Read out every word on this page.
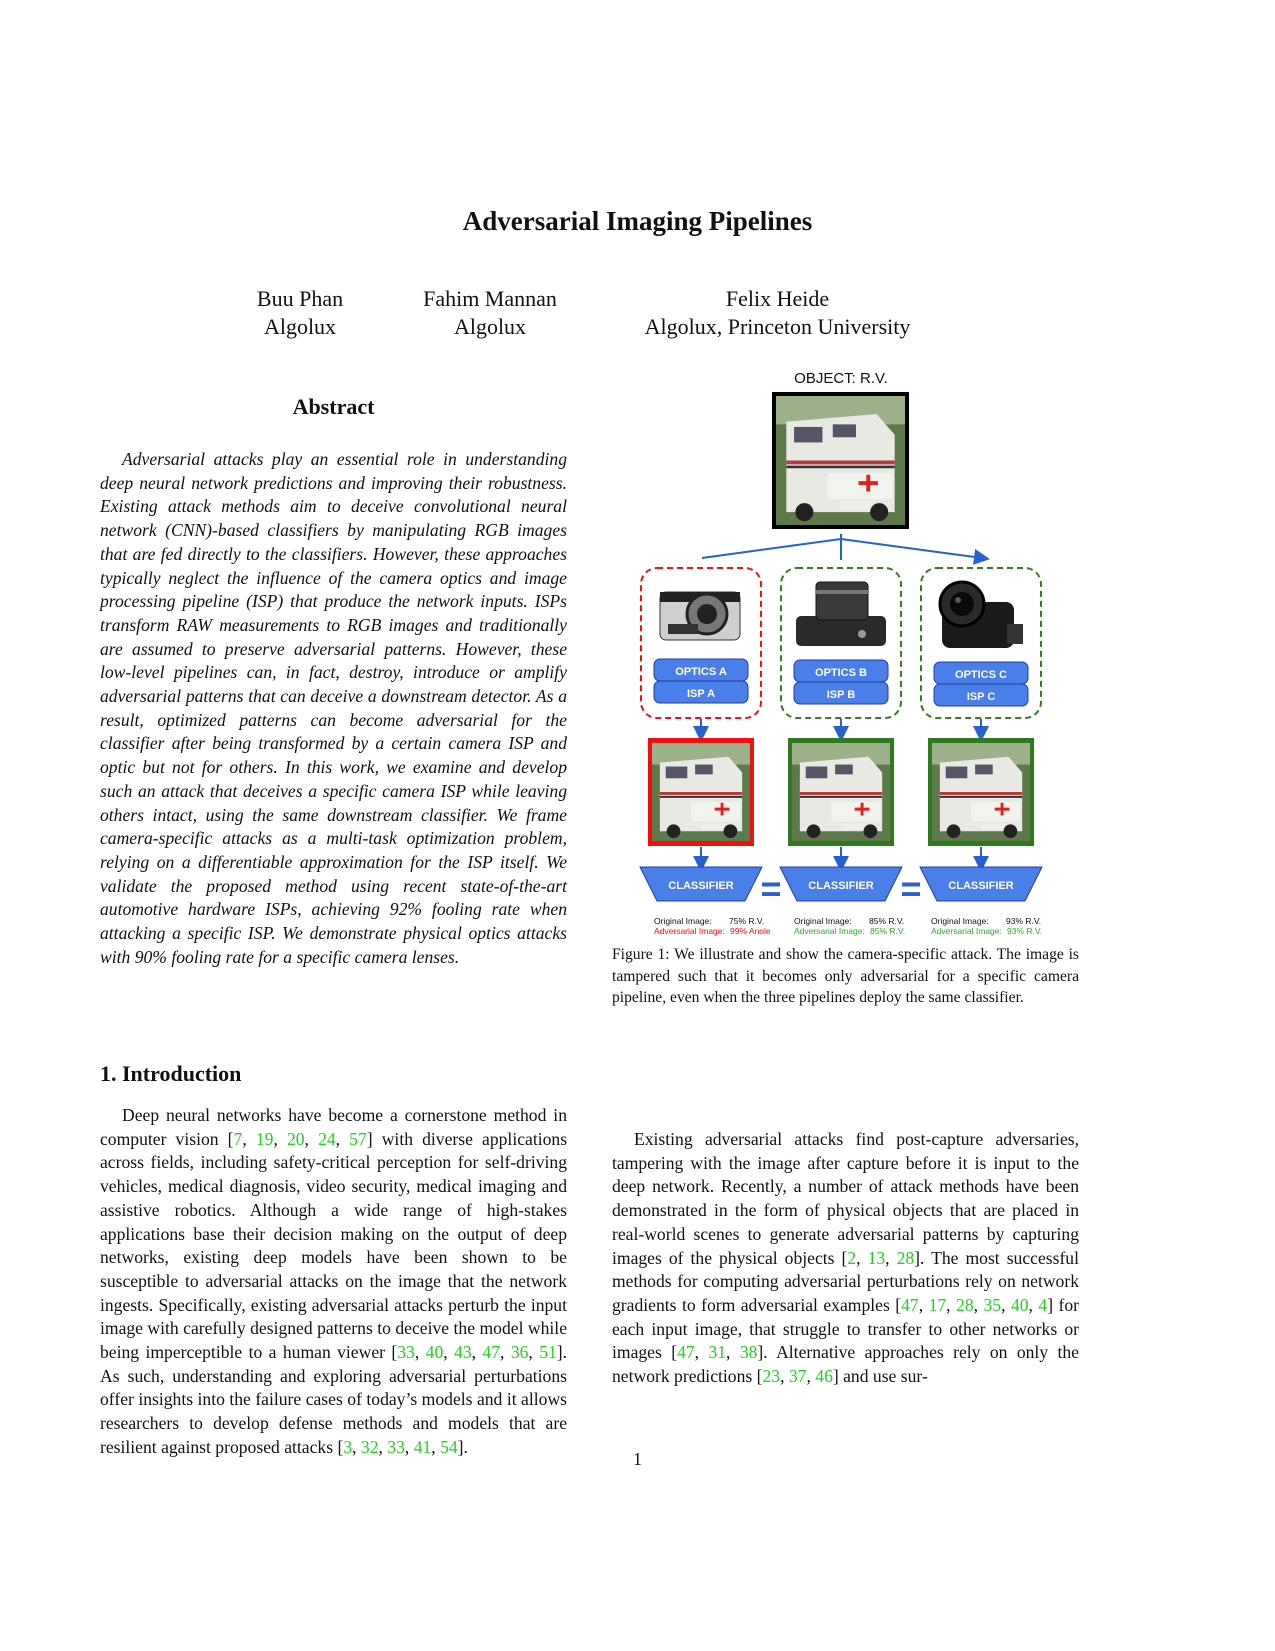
Adversarial Imaging Pipelines
Buu Phan
Algolux
Fahim Mannan
Algolux
Felix Heide
Algolux, Princeton University
Abstract

Adversarial attacks play an essential role in understanding deep neural network predictions and improving their robustness. Existing attack methods aim to deceive convolutional neural network (CNN)-based classifiers by manipulating RGB images that are fed directly to the classifiers. However, these approaches typically neglect the influence of the camera optics and image processing pipeline (ISP) that produce the network inputs. ISPs transform RAW measurements to RGB images and traditionally are assumed to preserve adversarial patterns. However, these low-level pipelines can, in fact, destroy, introduce or amplify adversarial patterns that can deceive a downstream detector. As a result, optimized patterns can become adversarial for the classifier after being transformed by a certain camera ISP and optic but not for others. In this work, we examine and develop such an attack that deceives a specific camera ISP while leaving others intact, using the same downstream classifier. We frame camera-specific attacks as a multi-task optimization problem, relying on a differentiable approximation for the ISP itself. We validate the proposed method using recent state-of-the-art automotive hardware ISPs, achieving 92% fooling rate when attacking a specific ISP. We demonstrate physical optics attacks with 90% fooling rate for a specific camera lenses.

1. Introduction

Deep neural networks have become a cornerstone method in computer vision [7, 19, 20, 24, 57] with diverse applications across fields, including safety-critical perception for self-driving vehicles, medical diagnosis, video security, medical imaging and assistive robotics. Although a wide range of high-stakes applications base their decision making on the output of deep networks, existing deep models have been shown to be susceptible to adversarial attacks on the image that the network ingests. Specifically, existing adversarial attacks perturb the input image with carefully designed patterns to deceive the model while being imperceptible to a human viewer [33, 40, 43, 47, 36, 51]. As such, understanding and exploring adversarial perturbations offer insights into the failure cases of today’s models and it allows researchers to develop defense methods and models that are resilient against proposed attacks [3, 32, 33, 41, 54].

Existing adversarial attacks find post-capture adversaries, tampering with the image after capture before it is input to the deep network. Recently, a number of attack methods have been demonstrated in the form of physical objects that are placed in real-world scenes to generate adversarial patterns by capturing images of the physical objects [2, 13, 28]. The most successful methods for computing adversarial perturbations rely on network gradients to form adversarial examples [47, 17, 28, 35, 40, 4] for each input image, that struggle to transfer to other networks or images [47, 31, 38]. Alternative approaches rely on only the network predictions [23, 37, 46] and use sur-

OBJECT: R.V.
OPTICS A
ISP A
CLASSIFIER
Original Image: 75% R.V.
Adversarial Image: 99% Anole
=
OPTICS B
ISP B
CLASSIFIER
Original Image: 85% R.V.
Adversarial Image: 85% R.V.
=
OPTICS C
ISP C
CLASSIFIER
Original Image: 93% R.V.
Adversarial Image: 93% R.V.

Figure 1: We illustrate and show the camera-specific attack. The image is tampered such that it becomes only adversarial for a specific camera pipeline, even when the three pipelines deploy the same classifier.

1
